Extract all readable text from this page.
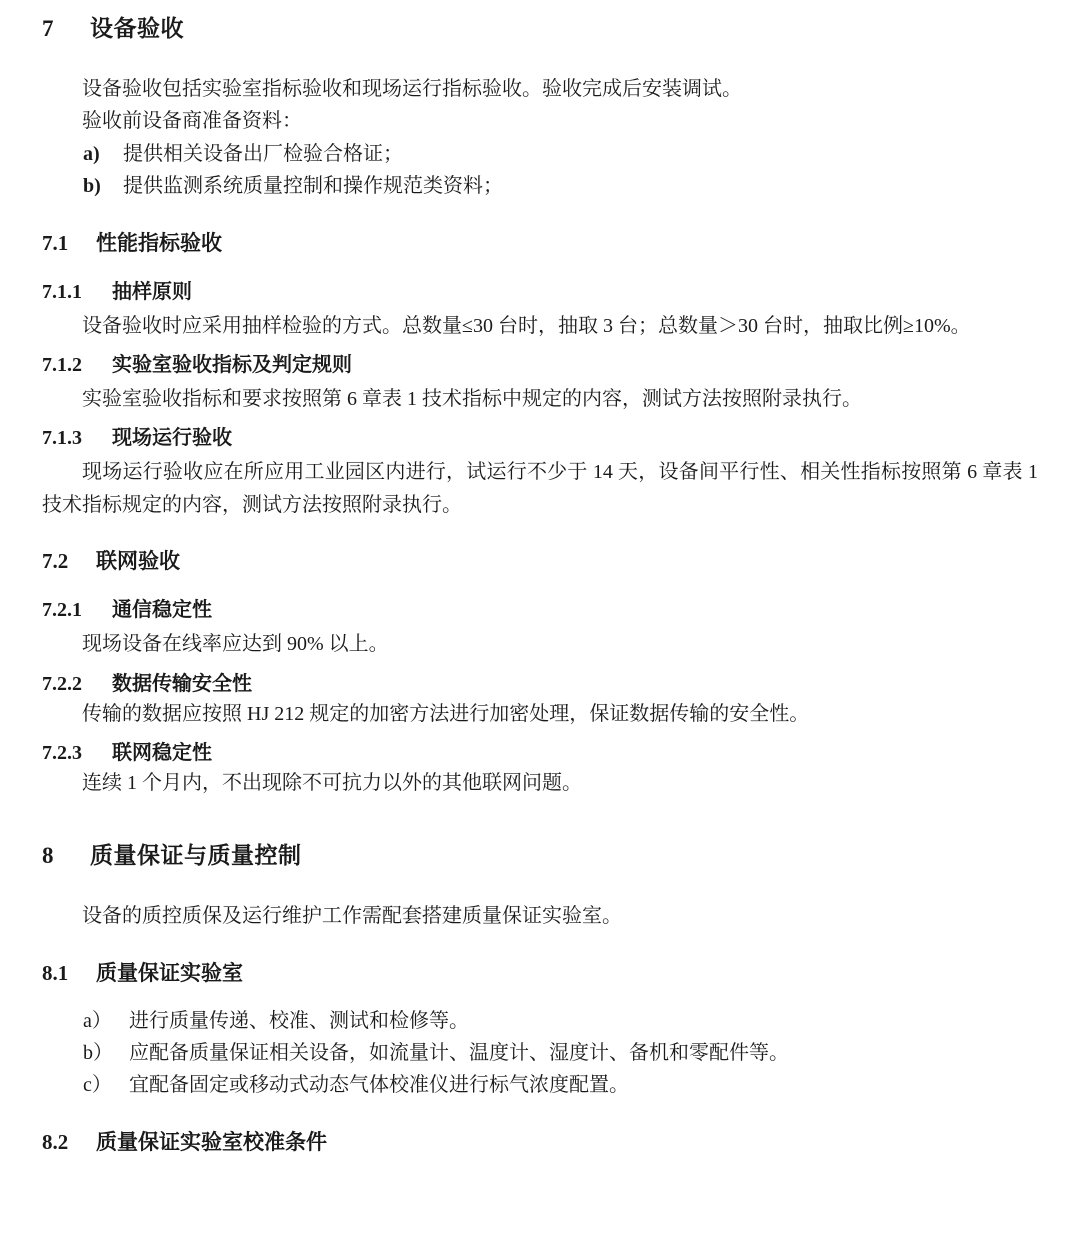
7	设备验收

设备验收包括实验室指标验收和现场运行指标验收。验收完成后安装调试。

验收前设备商准备资料：

a)	提供相关设备出厂检验合格证；
b)	提供监测系统质量控制和操作规范类资料；
7.1	性能指标验收
7.1.1	抽样原则

设备验收时应采用抽样检验的方式。总数量≤30 台时，抽取 3 台；总数量＞30 台时，抽取比例≥10%。

7.1.2	实验室验收指标及判定规则

实验室验收指标和要求按照第 6 章表 1 技术指标中规定的内容，测试方法按照附录执行。

7.1.3	现场运行验收

现场运行验收应在所应用工业园区内进行，试运行不少于 14 天，设备间平行性、相关性指标按照第 6 章表 1 技术指标规定的内容，测试方法按照附录执行。

7.2	联网验收
7.2.1	通信稳定性

现场设备在线率应达到 90% 以上。

7.2.2	数据传输安全性

传输的数据应按照 HJ 212 规定的加密方法进行加密处理，保证数据传输的安全性。

7.2.3	联网稳定性

连续 1 个月内，不出现除不可抗力以外的其他联网问题。

8	质量保证与质量控制

设备的质控质保及运行维护工作需配套搭建质量保证实验室。

8.1	质量保证实验室
a） 进行质量传递、校准、测试和检修等。
b） 应配备质量保证相关设备，如流量计、温度计、湿度计、备机和零配件等。
c） 宜配备固定或移动式动态气体校准仪进行标气浓度配置。
8.2	质量保证实验室校准条件
